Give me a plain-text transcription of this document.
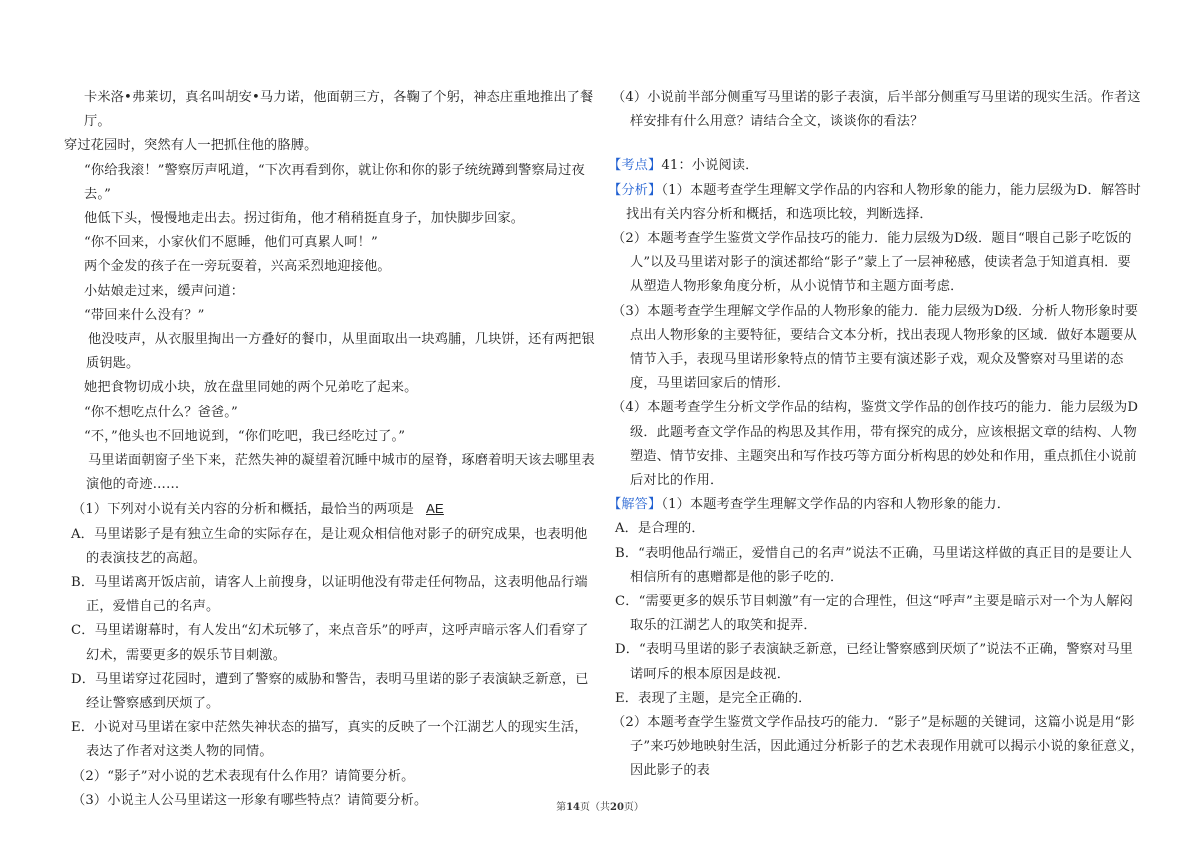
卡米洛•弗莱切，真名叫胡安•马力诺，他面朝三方，各鞠了个躬，神态庄重地推出了餐厅。

穿过花园时，突然有人一把抓住他的胳膊。

“你给我滚！”警察厉声吼道，“下次再看到你，就让你和你的影子统统蹲到警察局过夜去。”

他低下头，慢慢地走出去。拐过街角，他才稍稍挺直身子，加快脚步回家。

“你不回来，小家伙们不愿睡，他们可真累人呵！”

两个金发的孩子在一旁玩耍着，兴高采烈地迎接他。

小姑娘走过来，缓声问道：

“带回来什么没有？”

他没吱声，从衣服里掏出一方叠好的餐巾，从里面取出一块鸡脯，几块饼，还有两把银质钥匙。

她把食物切成小块，放在盘里同她的两个兄弟吃了起来。

“你不想吃点什么？爸爸。”

“不，”他头也不回地说到，“你们吃吧，我已经吃过了。”

马里诺面朝窗子坐下来，茫然失神的凝望着沉睡中城市的屋脊，琢磨着明天该去哪里表演他的奇迹……

（1）下列对小说有关内容的分析和概括，最恰当的两项是 AE

A．马里诺影子是有独立生命的实际存在，是让观众相信他对影子的研究成果，也表明他的表演技艺的高超。

B．马里诺离开饭店前，请客人上前搜身，以证明他没有带走任何物品，这表明他品行端正，爱惜自己的名声。

C．马里诺谢幕时，有人发出“幻术玩够了，来点音乐”的呼声，这呼声暗示客人们看穿了幻术，需要更多的娱乐节目刺激。

D．马里诺穿过花园时，遭到了警察的威胁和警告，表明马里诺的影子表演缺乏新意，已经让警察感到厌烦了。

E．小说对马里诺在家中茫然失神状态的描写，真实的反映了一个江湖艺人的现实生活，表达了作者对这类人物的同情。

（2）“影子”对小说的艺术表现有什么作用？请简要分析。

（3）小说主人公马里诺这一形象有哪些特点？请简要分析。

（4）小说前半部分侧重写马里诺的影子表演，后半部分侧重写马里诺的现实生活。作者这样安排有什么用意？请结合全文，谈谈你的看法？

【考点】41：小说阅读．

【分析】（1）本题考查学生理解文学作品的内容和人物形象的能力，能力层级为D．解答时找出有关内容分析和概括，和选项比较，判断选择．

（2）本题考查学生鉴赏文学作品技巧的能力．能力层级为D级．题目“喂自己影子吃饭的人”以及马里诺对影子的演述都给“影子”蒙上了一层神秘感，使读者急于知道真相．要从塑造人物形象角度分析，从小说情节和主题方面考虑．

（3）本题考查学生理解文学作品的人物形象的能力．能力层级为D级．分析人物形象时要点出人物形象的主要特征，要结合文本分析，找出表现人物形象的区域．做好本题要从情节入手，表现马里诺形象特点的情节主要有演述影子戏，观众及警察对马里诺的态度，马里诺回家后的情形．

（4）本题考查学生分析文学作品的结构，鉴赏文学作品的创作技巧的能力．能力层级为D级．此题考查文学作品的构思及其作用，带有探究的成分，应该根据文章的结构、人物塑造、情节安排、主题突出和写作技巧等方面分析构思的妙处和作用，重点抓住小说前后对比的作用．

【解答】（1）本题考查学生理解文学作品的内容和人物形象的能力．

A．是合理的．

B．“表明他品行端正，爱惜自己的名声”说法不正确，马里诺这样做的真正目的是要让人相信所有的惠赠都是他的影子吃的．

C．“需要更多的娱乐节目刺激”有一定的合理性，但这“呼声”主要是暗示对一个为人解闷取乐的江湖艺人的取笑和捉弄．

D．“表明马里诺的影子表演缺乏新意，已经让警察感到厌烦了”说法不正确，警察对马里诺呵斥的根本原因是歧视．

E．表现了主题，是完全正确的．

（2）本题考查学生鉴赏文学作品技巧的能力．“影子”是标题的关键词，这篇小说是用“影子”来巧妙地映射生活，因此通过分析影子的艺术表现作用就可以揭示小说的象征意义，因此影子的表

第14页（共20页）
